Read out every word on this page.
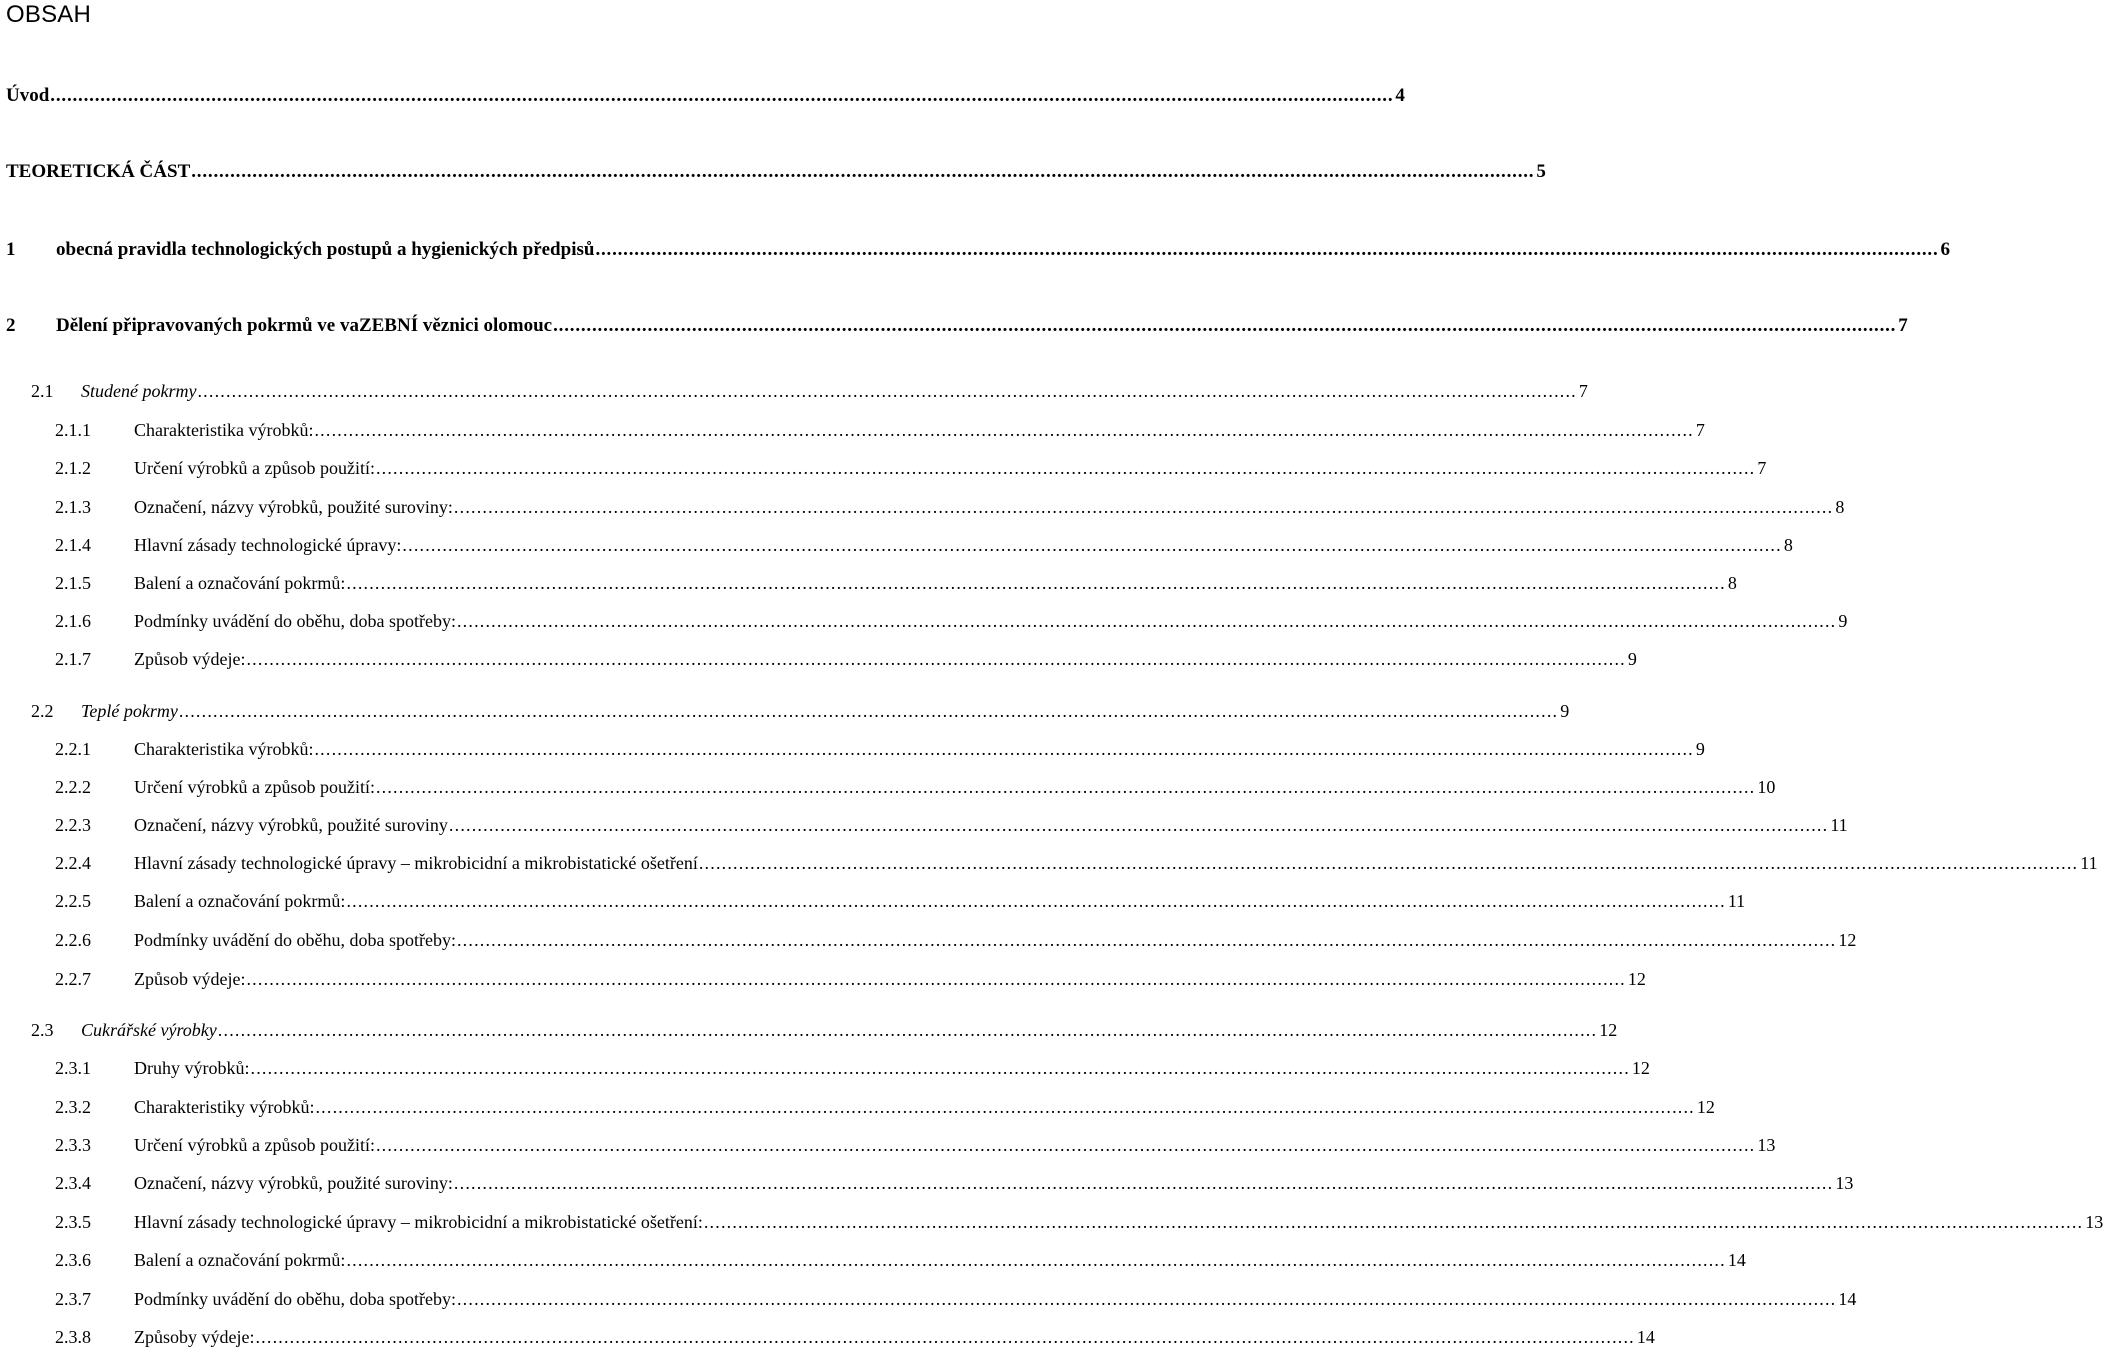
OBSAH
Úvod .................................................................................................................................................................................................................................................. 4
TEORETICKÁ ČÁST .................................................................................................................................................................................................................................................. 5
1	obecná pravidla technologických postupů a hygienických předpisů .................................................................................................................................................................................................................................................. 6
2	Dělení připravovaných pokrmů ve vaZEBNÍ věznici olomouc .................................................................................................................................................................................................................................................. 7
2.1 Studené pokrmy .................................................................................................................................................................................................................................................. 7
2.1.1 Charakteristika výrobků: .................................................................................................................................................................................................................................................. 7
2.1.2 Určení výrobků a způsob použití: .................................................................................................................................................................................................................................................. 7
2.1.3 Označení, názvy výrobků, použité suroviny: .................................................................................................................................................................................................................................................. 8
2.1.4 Hlavní zásady technologické úpravy: .................................................................................................................................................................................................................................................. 8
2.1.5 Balení a označování pokrmů: .................................................................................................................................................................................................................................................. 8
2.1.6 Podmínky uvádění do oběhu, doba spotřeby: .................................................................................................................................................................................................................................................. 9
2.1.7 Způsob výdeje: .................................................................................................................................................................................................................................................. 9
2.2 Teplé pokrmy .................................................................................................................................................................................................................................................. 9
2.2.1 Charakteristika výrobků: .................................................................................................................................................................................................................................................. 9
2.2.2 Určení výrobků a způsob použití: .................................................................................................................................................................................................................................................. 10
2.2.3 Označení, názvy výrobků, použité suroviny .................................................................................................................................................................................................................................................. 11
2.2.4 Hlavní zásady technologické úpravy – mikrobicidní a mikrobistatické ošetření .................................................................................................................................................................................................................................................. 11
2.2.5 Balení a označování pokrmů: .................................................................................................................................................................................................................................................. 11
2.2.6 Podmínky uvádění do oběhu, doba spotřeby: .................................................................................................................................................................................................................................................. 12
2.2.7 Způsob výdeje: .................................................................................................................................................................................................................................................. 12
2.3 Cukrářské výrobky .................................................................................................................................................................................................................................................. 12
2.3.1 Druhy výrobků: .................................................................................................................................................................................................................................................. 12
2.3.2 Charakteristiky výrobků: .................................................................................................................................................................................................................................................. 12
2.3.3 Určení výrobků a způsob použití: .................................................................................................................................................................................................................................................. 13
2.3.4 Označení, názvy výrobků, použité suroviny: .................................................................................................................................................................................................................................................. 13
2.3.5 Hlavní zásady technologické úpravy – mikrobicidní a mikrobistatické ošetření: .................................................................................................................................................................................................................................................. 13
2.3.6 Balení a označování pokrmů: .................................................................................................................................................................................................................................................. 14
2.3.7 Podmínky uvádění do oběhu, doba spotřeby: .................................................................................................................................................................................................................................................. 14
2.3.8 Způsoby výdeje: .................................................................................................................................................................................................................................................. 14
